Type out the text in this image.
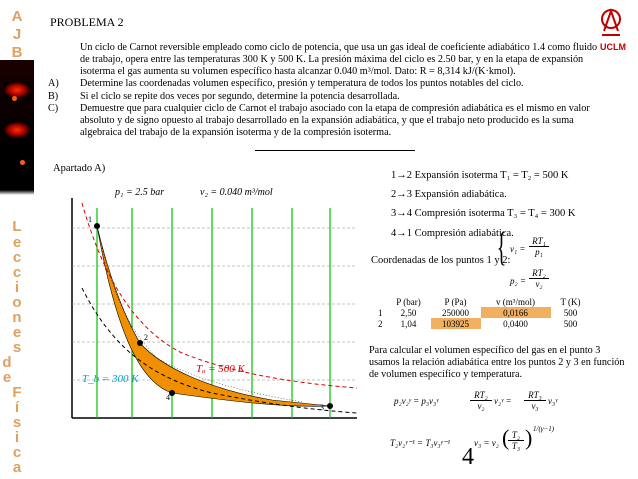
A
J
B
L
e
c
c
i
o
n
e
s
d
e
F
í
s
i
c
a
PROBLEMA 2
UCLM
Un ciclo de Carnot reversible empleado como ciclo de potencia, que usa un gas ideal de coeficiente adiabático 1.4 como fluido de trabajo, opera entre las temperaturas 300 K y 500 K. La presión máxima del ciclo es 2.50 bar, y en la etapa de expansión isoterma el gas aumenta su volumen específico hasta alcanzar 0.040 m³/mol. Dato: R = 8,314 kJ/(K·kmol).
A) Determine las coordenadas volumen específico, presión y temperatura de todos los puntos notables del ciclo.
B) Si el ciclo se repite dos veces por segundo, determine la potencia desarrollada.
C) Demuestre que para cualquier ciclo de Carnot el trabajo asociado con la etapa de compresión adiabática es el mismo en valor absoluto y de signo opuesto al trabajo desarrollado en la expansión adiabática, y que el trabajo neto producido es la suma algebraica del trabajo de la expansión isoterma y de la compresión isoterma.
Apartado A)
p₁ = 2.5 bar	v₂ = 0.040 m³/mol
Tₐ = 500 K
T_b = 300 K
1
2
3
4
1→2 Expansión isoterma T₁ = T₂ = 500 K
2→3 Expansión adiabática.
3→4 Compresión isoterma T₃ = T₄ = 300 K
4→1 Compresión adiabática.
Coordenadas de los puntos 1 y 2:
{ $v_1 = \frac{\text{RT₁}}{\text{p₁}}$
$p_2 = \frac{\text{RT₂}}{\text{v₂}}$
	P (bar)	P (Pa)	v (m³/mol)	T (K)
1	2,50	250000	0,0166	500
2	1,04	103925	0,0400	500
Para calcular el volumen específico del gas en el punto 3 usamos la relación adiabática entre los puntos 2 y 3 en función de volumen específico y temperatura.
p₂v₂ᵞ = p₃v₃ᵞ	$\frac{\text{RT₂}}{\text{v₂}}$ v₂ᵞ = $\frac{\text{RT₃}}{\text{v₃}}$ v₃ᵞ
T₂v₂ᵞ⁻¹ = T₃v₃ᵞ⁻¹	v₃ = v₂ (
$\frac{\text{T₂}}{\text{T₃}}$ ) 1/(γ−1)
4
